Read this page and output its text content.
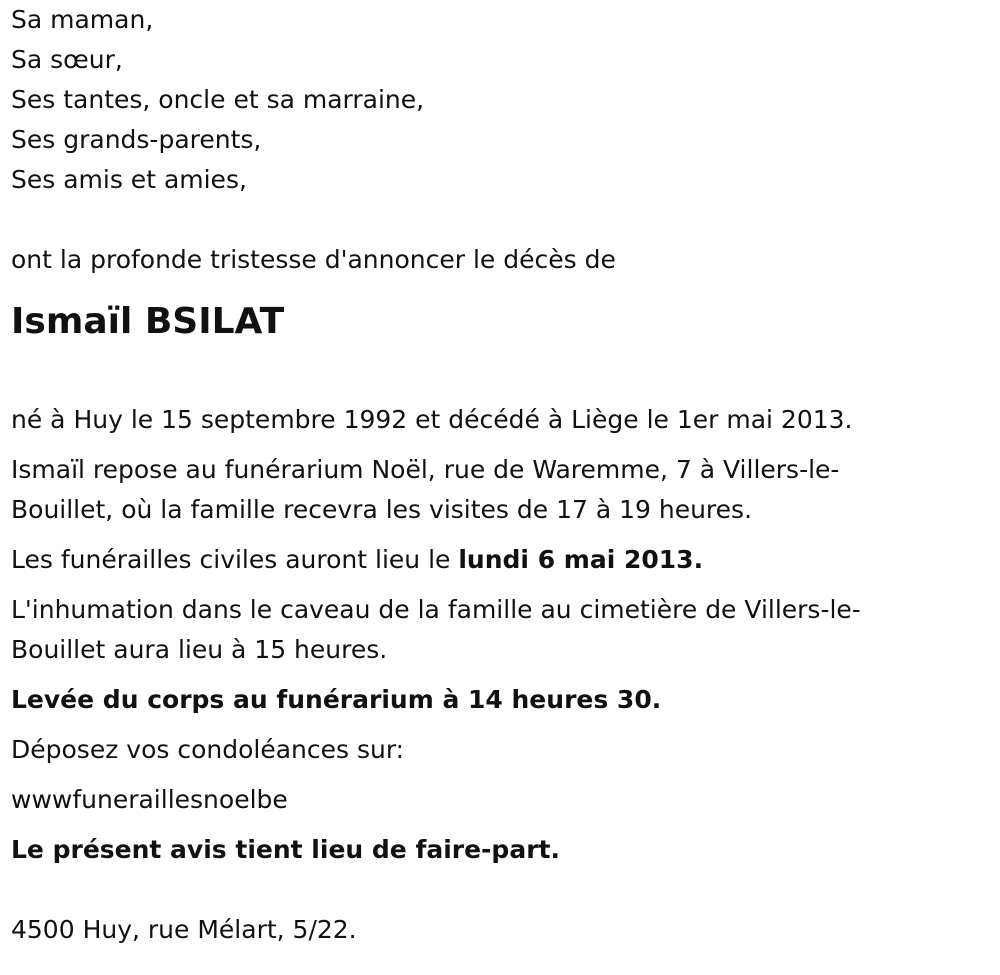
Sa maman,

Sa sœur,

Ses tantes, oncle et sa marraine,

Ses grands-parents,

Ses amis et amies,

ont la profonde tristesse d'annoncer le décès de

Ismaïl BSILAT

né à Huy le 15 septembre 1992 et décédé à Liège le 1er mai 2013.

Ismaïl repose au funérarium Noël, rue de Waremme, 7 à Villers-le-Bouillet, où la famille recevra les visites de 17 à 19 heures.

Les funérailles civiles auront lieu le lundi 6 mai 2013.

L'inhumation dans le caveau de la famille au cimetière de Villers-le-Bouillet aura lieu à 15 heures.

Levée du corps au funérarium à 14 heures 30.

Déposez vos condoléances sur:

wwwfuneraillesnoelbe

Le présent avis tient lieu de faire-part.

4500 Huy, rue Mélart, 5/22.
